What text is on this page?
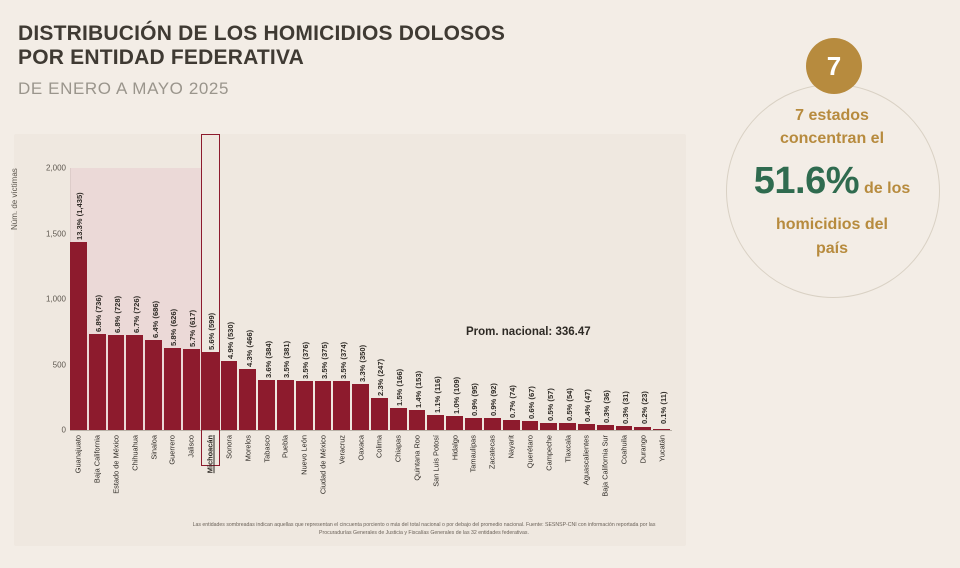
DISTRIBUCIÓN DE LOS HOMICIDIOS DOLOSOS
POR ENTIDAD FEDERATIVA
DE ENERO A MAYO 2025
Núm. de víctimas
0
500
1,000
1,500
2,000
13.3% (1,435)
6.8% (736) 6.8% (728) 6.7% (726) 6.4% (686) 5.8% (626) 5.7% (617) 5.6% (599) 4.9% (530) 4.3% (466) 3.6% (384) 3.5% (381) 3.5% (376) 3.5% (375) 3.5% (374) 3.3% (350) 2.3% (247) 1.5% (166) 1.4% (153) 1.1% (116) 1.0% (109) 0.9% (95) 0.9% (92) 0.7% (74) 0.6% (67) 0.5% (57) 0.5% (54) 0.4% (47) 0.3% (36) 0.3% (31) 0.2% (23) 0.1% (11)
Guanajuato Baja California Estado de México Chihuahua Sinaloa Guerrero Jalisco Michoacán Sonora Morelos Tabasco Puebla Nuevo León Ciudad de México Veracruz Oaxaca Colima Chiapas Quintana Roo San Luis Potosí Hidalgo Tamaulipas Zacatecas Nayarit Querétaro Campeche Tlaxcala Aguascalientes Baja California Sur Coahuila Durango Yucatán
Prom. nacional: 336.47
Las entidades sombreadas indican aquellas que representan el cincuenta porciento o más del total nacional o por debajo del promedio nacional. Fuente: SESNSP-CNI con información reportada por las Procuradurías Generales de Justicia y Fiscalías Generales de las 32 entidades federativas.
7
7 estados
concentran el
51.6% de los
homicidios del
país
